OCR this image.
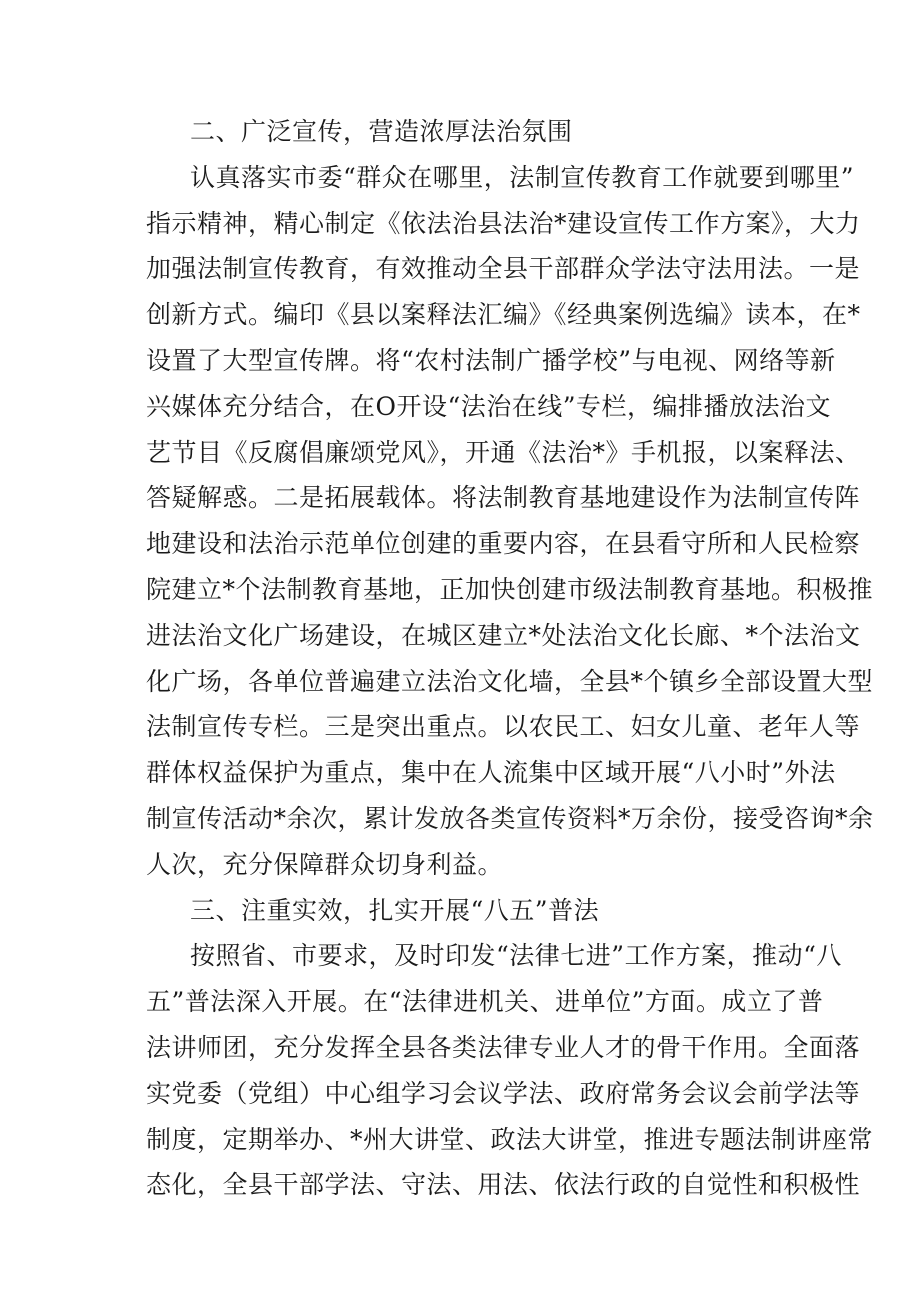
二、广泛宣传，营造浓厚法治氛围
认真落实市委“群众在哪里，法制宣传教育工作就要到哪里”
指示精神，精心制定《依法治县法治*建设宣传工作方案》，大力
加强法制宣传教育，有效推动全县干部群众学法守法用法。一是
创新方式。编印《县以案释法汇编》《经典案例选编》读本，在*
设置了大型宣传牌。将“农村法制广播学校”与电视、网络等新
兴媒体充分结合，在O开设“法治在线”专栏，编排播放法治文
艺节目《反腐倡廉颂党风》，开通《法治*》手机报，以案释法、
答疑解惑。二是拓展载体。将法制教育基地建设作为法制宣传阵
地建设和法治示范单位创建的重要内容，在县看守所和人民检察
院建立*个法制教育基地，正加快创建市级法制教育基地。积极推
进法治文化广场建设，在城区建立*处法治文化长廊、*个法治文
化广场，各单位普遍建立法治文化墙，全县*个镇乡全部设置大型
法制宣传专栏。三是突出重点。以农民工、妇女儿童、老年人等
群体权益保护为重点，集中在人流集中区域开展“八小时”外法
制宣传活动*余次，累计发放各类宣传资料*万余份，接受咨询*余
人次，充分保障群众切身利益。
三、注重实效，扎实开展“八五”普法
按照省、市要求，及时印发“法律七进”工作方案，推动“八
五”普法深入开展。在“法律进机关、进单位”方面。成立了普
法讲师团，充分发挥全县各类法律专业人才的骨干作用。全面落
实党委（党组）中心组学习会议学法、政府常务会议会前学法等
制度，定期举办、*州大讲堂、政法大讲堂，推进专题法制讲座常
态化，全县干部学法、守法、用法、依法行政的自觉性和积极性
